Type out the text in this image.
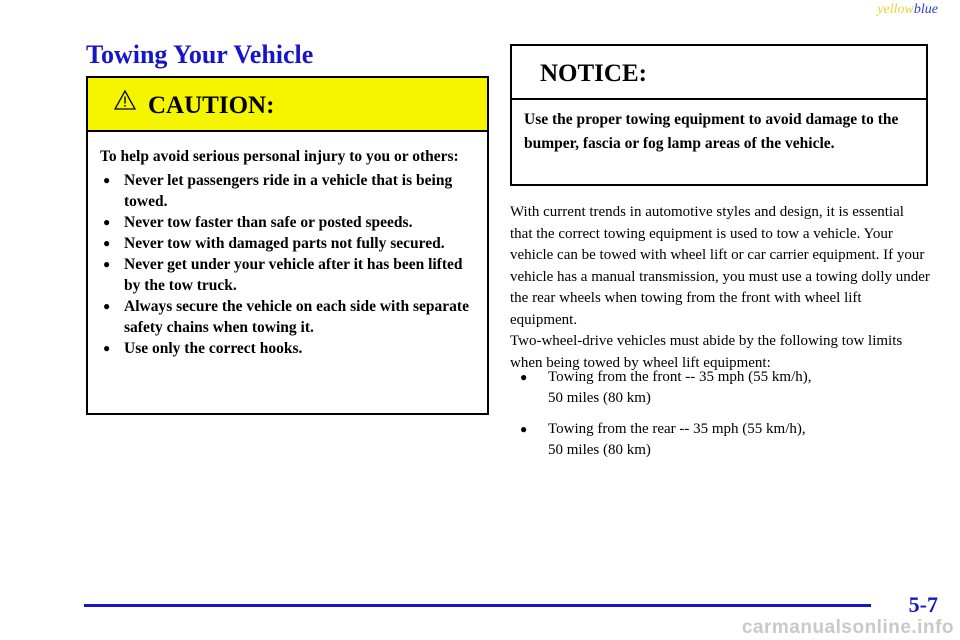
yellowblue
Towing Your Vehicle
CAUTION:

To help avoid serious personal injury to you or others:

● Never let passengers ride in a vehicle that is being towed.
● Never tow faster than safe or posted speeds.
● Never tow with damaged parts not fully secured.
● Never get under your vehicle after it has been lifted by the tow truck.
● Always secure the vehicle on each side with separate safety chains when towing it.
● Use only the correct hooks.
NOTICE:

Use the proper towing equipment to avoid damage to the bumper, fascia or fog lamp areas of the vehicle.

With current trends in automotive styles and design, it is essential that the correct towing equipment is used to tow a vehicle. Your vehicle can be towed with wheel lift or car carrier equipment. If your vehicle has a manual transmission, you must use a towing dolly under the rear wheels when towing from the front with wheel lift equipment.

Two-wheel-drive vehicles must abide by the following tow limits when being towed by wheel lift equipment:

● Towing from the front -- 35 mph (55 km/h),
50 miles (80 km)
● Towing from the rear -- 35 mph (55 km/h),
50 miles (80 km)
5-7
carmanualsonline.info
